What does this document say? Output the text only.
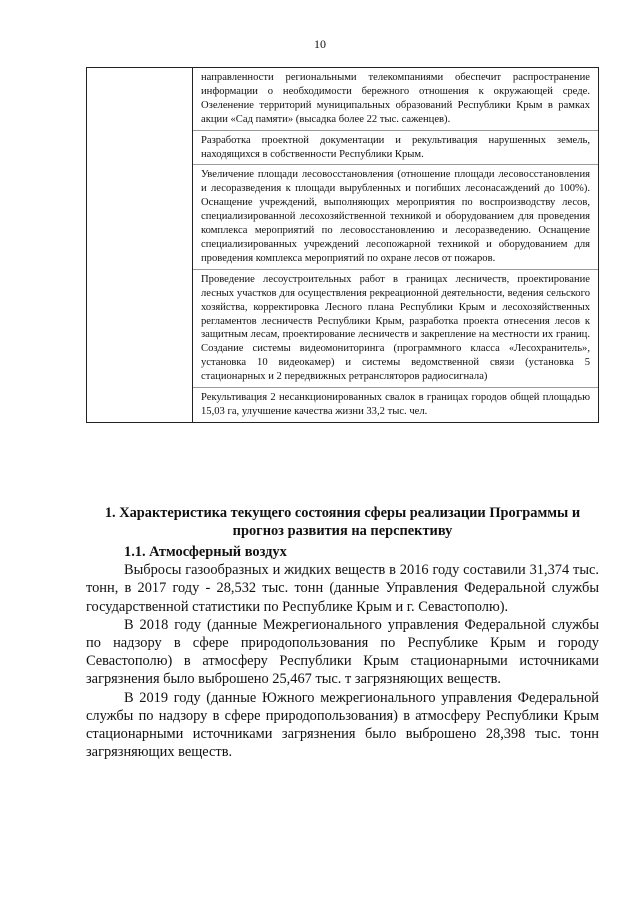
10

направленности региональными телекомпаниями обеспечит распространение информации о необходимости бережного отношения к окружающей среде. Озеленение территорий муниципальных образований Республики Крым в рамках акции «Сад памяти» (высадка более 22 тыс. саженцев).

Разработка проектной документации и рекультивация нарушенных земель, находящихся в собственности Республики Крым.

Увеличение площади лесовосстановления (отношение площади лесовосстановления и лесоразведения к площади вырубленных и погибших лесонасаждений до 100%). Оснащение учреждений, выполняющих мероприятия по воспроизводству лесов, специализированной лесохозяйственной техникой и оборудованием для проведения комплекса мероприятий по лесовосстановлению и лесоразведению. Оснащение специализированных учреждений лесопожарной техникой и оборудованием для проведения комплекса мероприятий по охране лесов от пожаров.

Проведение лесоустроительных работ в границах лесничеств, проектирование лесных участков для осуществления рекреационной деятельности, ведения сельского хозяйства, корректировка Лесного плана Республики Крым и лесохозяйственных регламентов лесничеств Республики Крым, разработка проекта отнесения лесов к защитным лесам, проектирование лесничеств и закрепление на местности их границ. Создание системы видеомониторинга (программного класса «Лесохранитель», установка 10 видеокамер) и системы ведомственной связи (установка 5 стационарных и 2 передвижных ретрансляторов радиосигнала)

Рекультивация 2 несанкционированных свалок в границах городов общей площадью 15,03 га, улучшение качества жизни 33,2 тыс. чел.

1. Характеристика текущего состояния сферы реализации Программы и прогноз развития на перспективу
1.1. Атмосферный воздух

Выбросы газообразных и жидких веществ в 2016 году составили 31,374 тыс. тонн, в 2017 году - 28,532 тыс. тонн (данные Управления Федеральной службы государственной статистики по Республике Крым и г. Севастополю).

В 2018 году (данные Межрегионального управления Федеральной службы по надзору в сфере природопользования по Республике Крым и городу Севастополю) в атмосферу Республики Крым стационарными источниками загрязнения было выброшено 25,467 тыс. т загрязняющих веществ.

В 2019 году (данные Южного межрегионального управления Федеральной службы по надзору в сфере природопользования) в атмосферу Республики Крым стационарными источниками загрязнения было выброшено 28,398 тыс. тонн загрязняющих веществ.
